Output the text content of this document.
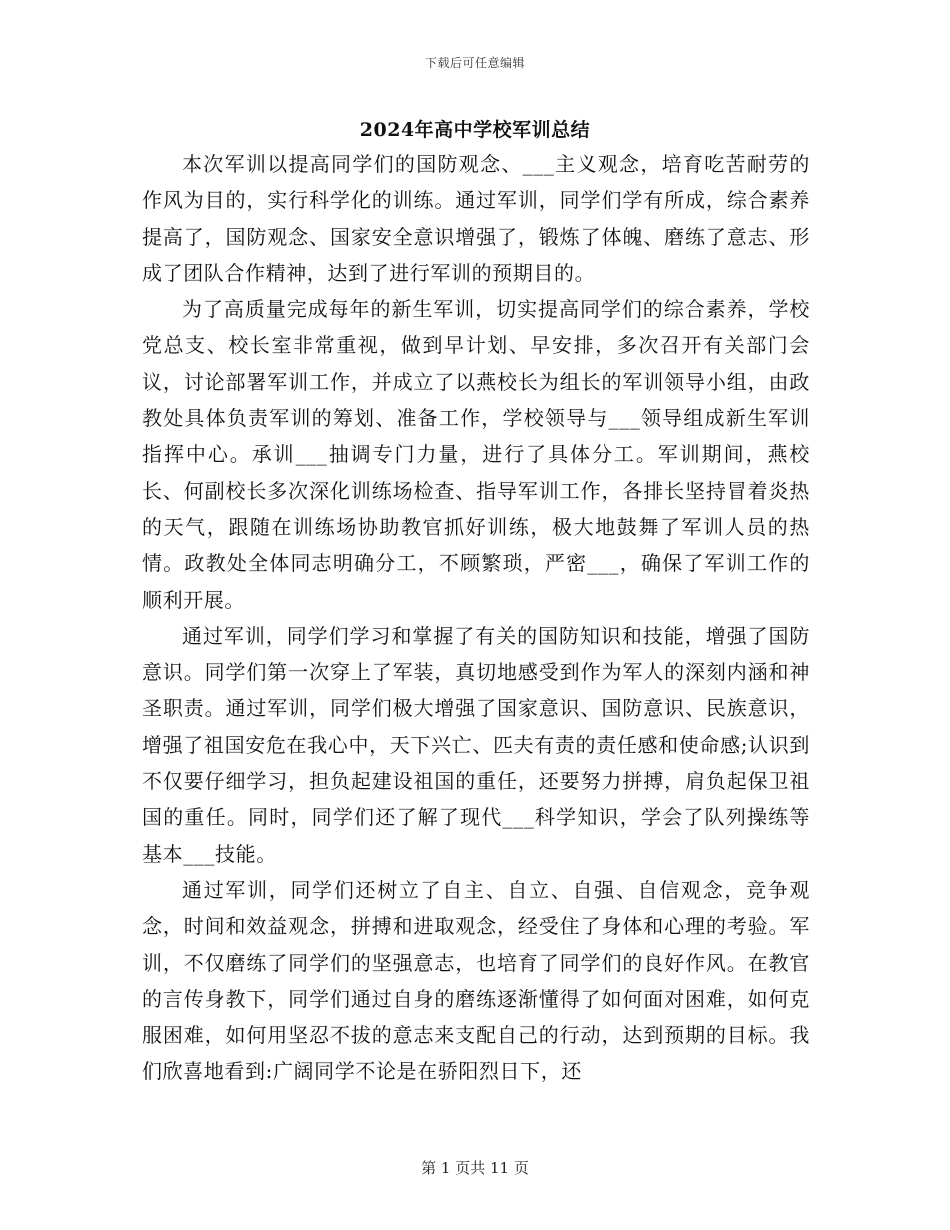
下载后可任意编辑
2024年高中学校军训总结

本次军训以提高同学们的国防观念、___主义观念，培育吃苦耐劳的作风为目的，实行科学化的训练。通过军训，同学们学有所成，综合素养提高了，国防观念、国家安全意识增强了，锻炼了体魄、磨练了意志、形成了团队合作精神，达到了进行军训的预期目的。

为了高质量完成每年的新生军训，切实提高同学们的综合素养，学校党总支、校长室非常重视，做到早计划、早安排，多次召开有关部门会议，讨论部署军训工作，并成立了以燕校长为组长的军训领导小组，由政教处具体负责军训的筹划、准备工作，学校领导与___领导组成新生军训指挥中心。承训___抽调专门力量，进行了具体分工。军训期间，燕校长、何副校长多次深化训练场检查、指导军训工作，各排长坚持冒着炎热的天气，跟随在训练场协助教官抓好训练，极大地鼓舞了军训人员的热情。政教处全体同志明确分工，不顾繁琐，严密___，确保了军训工作的顺利开展。

通过军训，同学们学习和掌握了有关的国防知识和技能，增强了国防意识。同学们第一次穿上了军装，真切地感受到作为军人的深刻内涵和神圣职责。通过军训，同学们极大增强了国家意识、国防意识、民族意识，增强了祖国安危在我心中，天下兴亡、匹夫有责的责任感和使命感;认识到不仅要仔细学习，担负起建设祖国的重任，还要努力拼搏，肩负起保卫祖国的重任。同时，同学们还了解了现代___科学知识，学会了队列操练等基本___技能。

通过军训，同学们还树立了自主、自立、自强、自信观念，竞争观念，时间和效益观念，拼搏和进取观念，经受住了身体和心理的考验。军训，不仅磨练了同学们的坚强意志，也培育了同学们的良好作风。在教官的言传身教下，同学们通过自身的磨练逐渐懂得了如何面对困难，如何克服困难，如何用坚忍不拔的意志来支配自己的行动，达到预期的目标。我们欣喜地看到:广阔同学不论是在骄阳烈日下，还

第 1 页共 11 页
